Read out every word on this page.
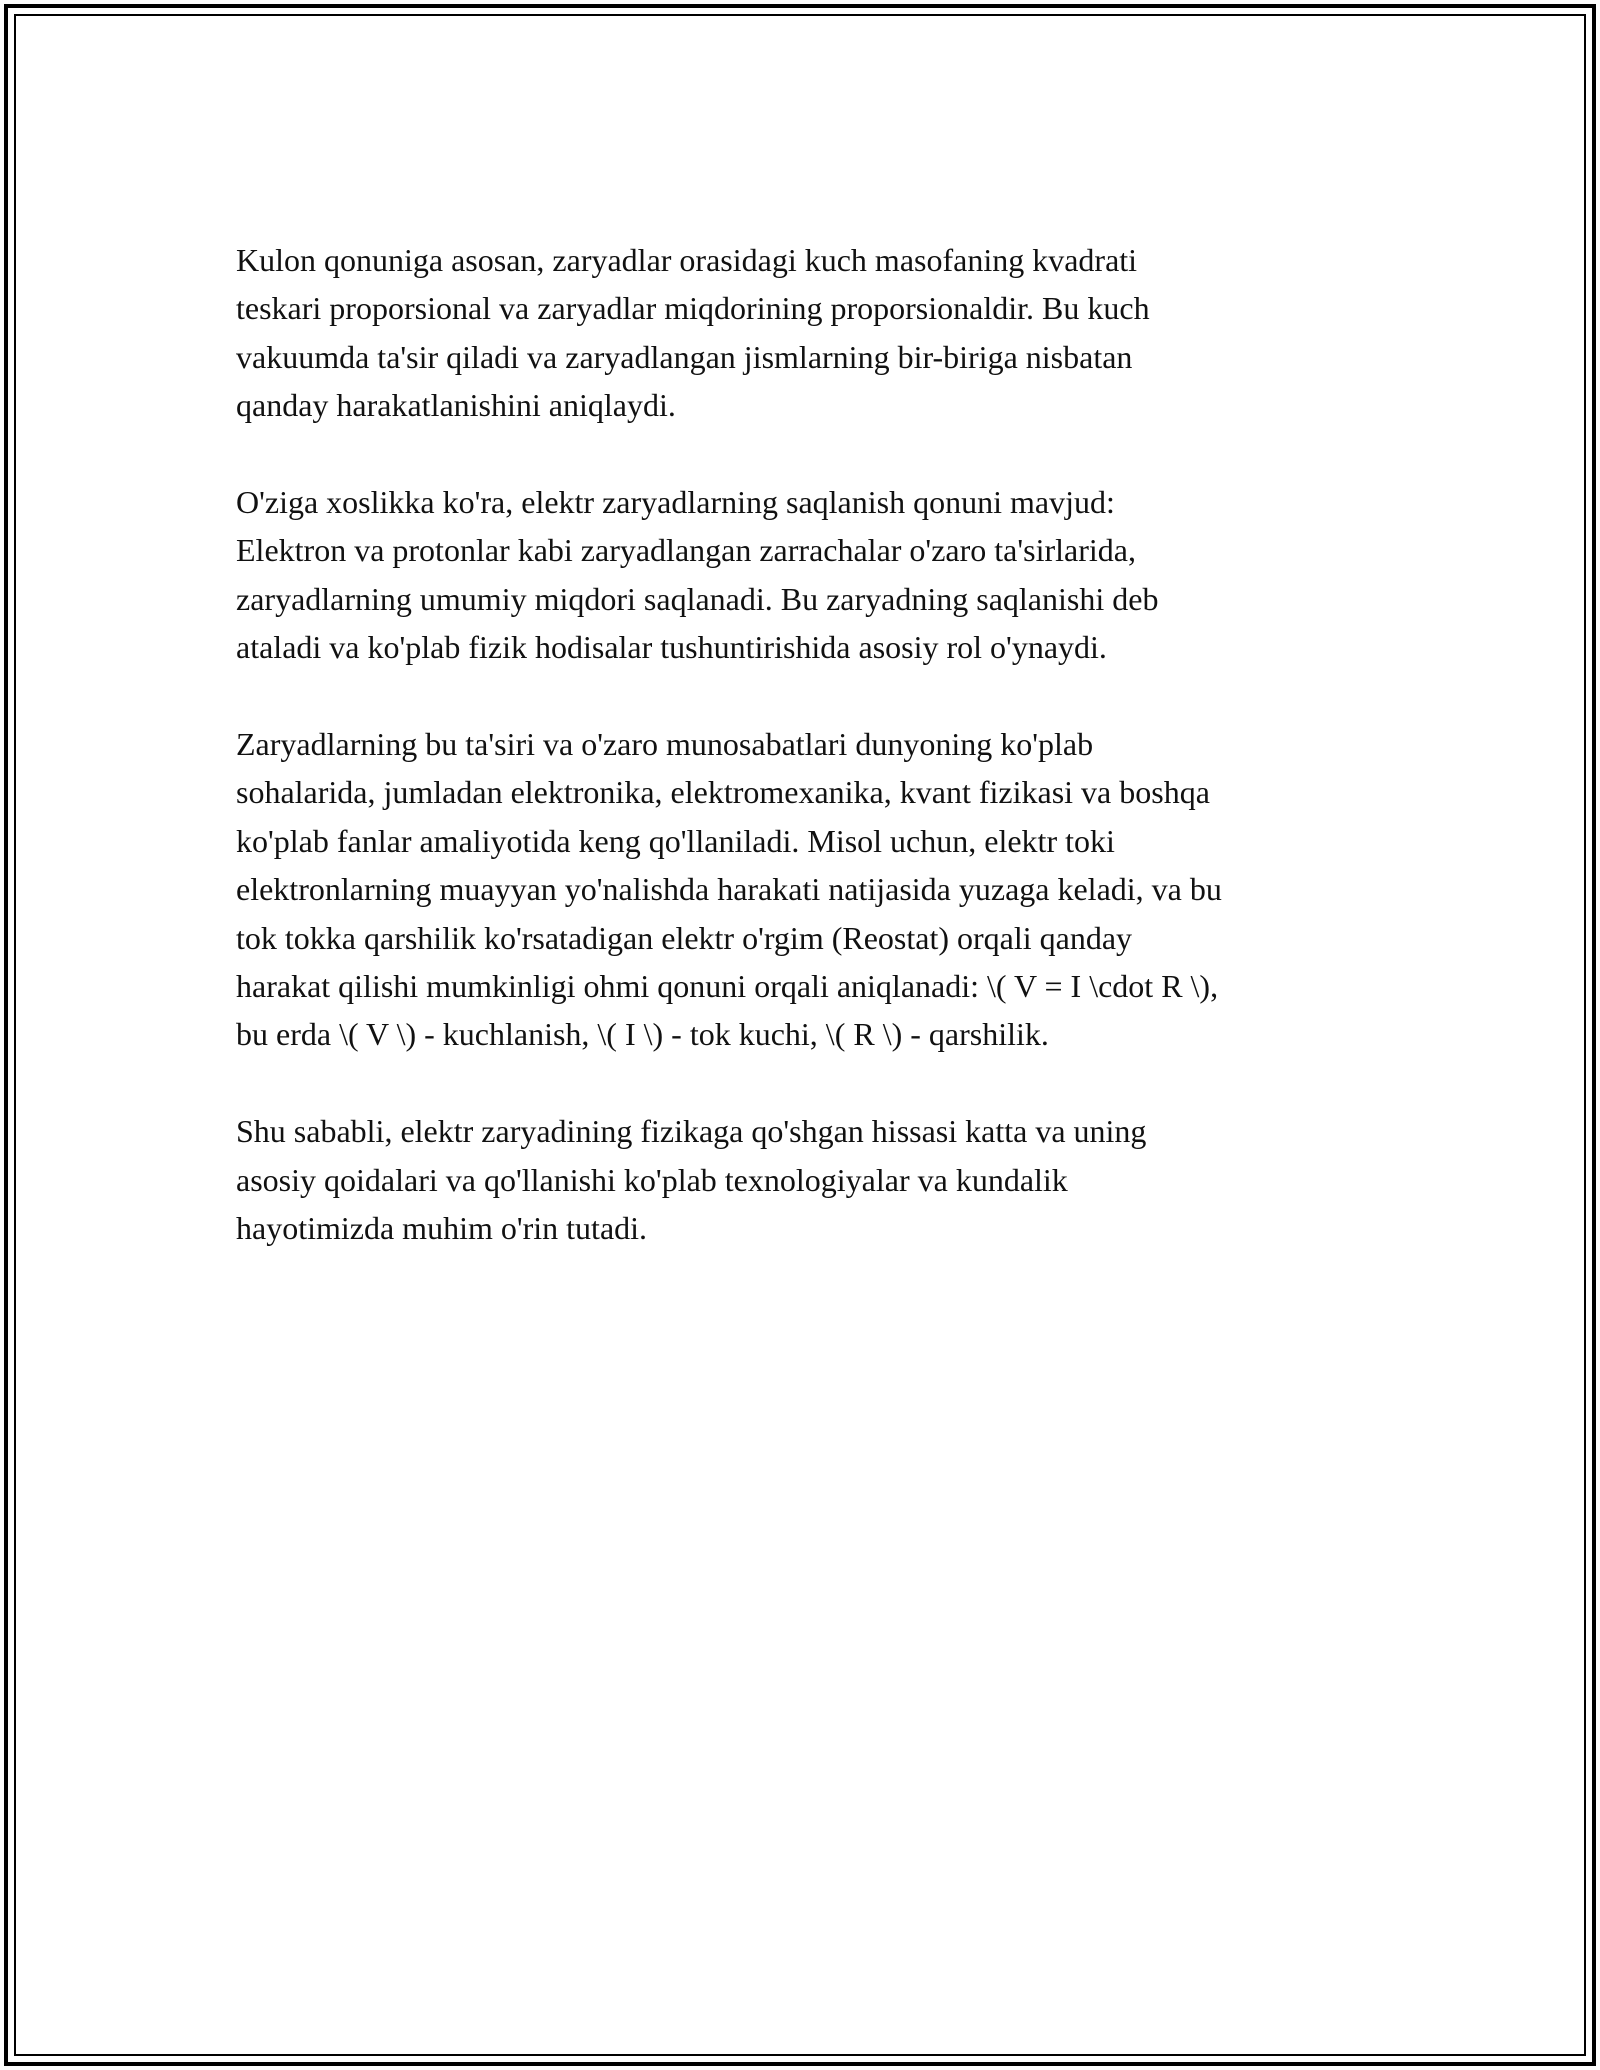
Kulon qonuniga asosan, zaryadlar orasidagi kuch masofaning kvadrati
teskari proporsional va zaryadlar miqdorining proporsionaldir. Bu kuch
vakuumda ta'sir qiladi va zaryadlangan jismlarning bir-biriga nisbatan
qanday harakatlanishini aniqlaydi.

O'ziga xoslikka ko'ra, elektr zaryadlarning saqlanish qonuni mavjud:
Elektron va protonlar kabi zaryadlangan zarrachalar o'zaro ta'sirlarida,
zaryadlarning umumiy miqdori saqlanadi. Bu zaryadning saqlanishi deb
ataladi va ko'plab fizik hodisalar tushuntirishida asosiy rol o'ynaydi.

Zaryadlarning bu ta'siri va o'zaro munosabatlari dunyoning ko'plab
sohalarida, jumladan elektronika, elektromexanika, kvant fizikasi va boshqa
ko'plab fanlar amaliyotida keng qo'llaniladi. Misol uchun, elektr toki
elektronlarning muayyan yo'nalishda harakati natijasida yuzaga keladi, va bu
tok tokka qarshilik ko'rsatadigan elektr o'rgim (Reostat) orqali qanday
harakat qilishi mumkinligi ohmi qonuni orqali aniqlanadi: \( V = I \cdot R \),
bu erda \( V \) - kuchlanish, \( I \) - tok kuchi, \( R \) - qarshilik.

Shu sababli, elektr zaryadining fizikaga qo'shgan hissasi katta va uning
asosiy qoidalari va qo'llanishi ko'plab texnologiyalar va kundalik
hayotimizda muhim o'rin tutadi.
